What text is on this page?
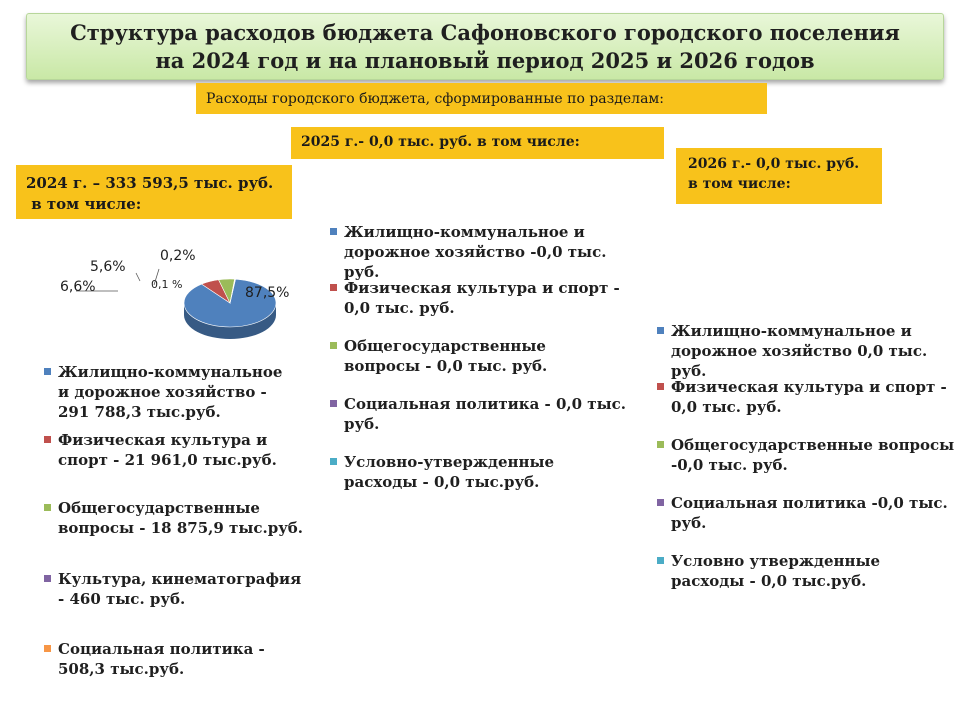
Структура расходов бюджета Сафоновского городского поселения на 2024 год и на плановый период 2025 и 2026 годов
Расходы городского бюджета, сформированные по разделам:
2025 г.- 0,0 тыс. руб. в том числе:
2024 г. – 333 593,5 тыс. руб.
в том числе:
2026 г.- 0,0 тыс. руб.
в том числе:
87,5%
6,6%
5,6%
0,1 %
0,2%
Жилищно-коммунальное
и дорожное хозяйство -
291 788,3 тыс.руб.
Физическая культура и
спорт - 21 961,0 тыс.руб.
Общегосударственные
вопросы - 18 875,9 тыс.руб.
Культура, кинематография
- 460 тыс. руб.
Социальная политика -
508,3 тыс.руб.
Жилищно-коммунальное и
дорожное хозяйство -0,0 тыс.
руб.
Физическая культура и спорт -
0,0 тыс. руб.
Общегосударственные
вопросы - 0,0 тыс. руб.
Социальная политика - 0,0 тыс.
руб.
Условно-утвержденные
расходы - 0,0 тыс.руб.
Жилищно-коммунальное и
дорожное хозяйство 0,0 тыс.
руб.
Физическая культура и спорт -
0,0 тыс. руб.
Общегосударственные вопросы
-0,0 тыс. руб.
Социальная политика -0,0 тыс.
руб.
Условно утвержденные
расходы - 0,0 тыс.руб.
